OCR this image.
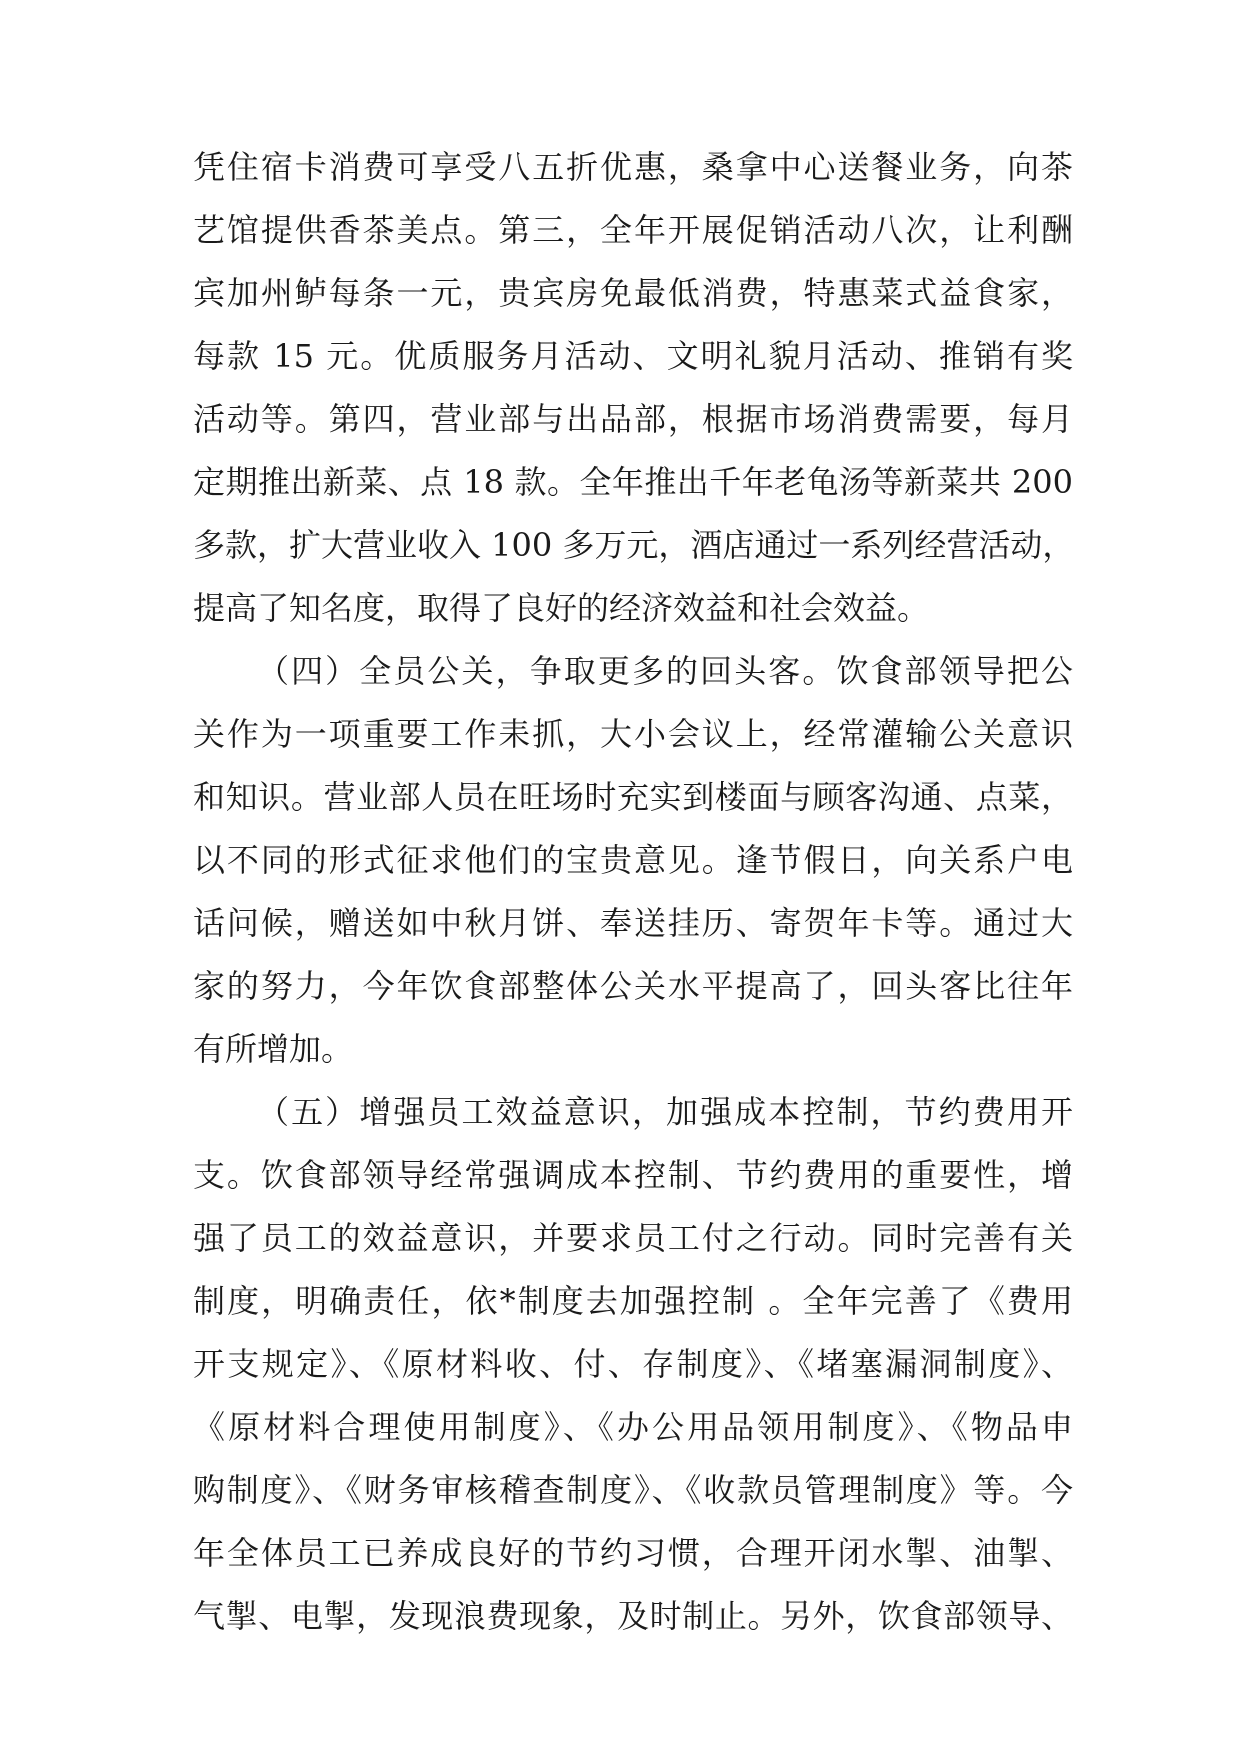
凭住宿卡消费可享受八五折优惠，桑拿中心送餐业务，向茶
艺馆提供香茶美点。第三，全年开展促销活动八次，让利酬
宾加州鲈每条一元，贵宾房免最低消费，特惠菜式益食家，
每款 15 元。优质服务月活动、文明礼貌月活动、推销有奖
活动等。第四，营业部与出品部，根据市场消费需要，每月
定期推出新菜、点 18 款。全年推出千年老龟汤等新菜共 200
多款，扩大营业收入 100 多万元，酒店通过一系列经营活动，
提高了知名度，取得了良好的经济效益和社会效益。
（四）全员公关，争取更多的回头客。饮食部领导把公
关作为一项重要工作耒抓，大小会议上，经常灌输公关意识
和知识。营业部人员在旺场时充实到楼面与顾客沟通、点菜，
以不同的形式征求他们的宝贵意见。逢节假日，向关系户电
话问候，赠送如中秋月饼、奉送挂历、寄贺年卡等。通过大
家的努力，今年饮食部整体公关水平提高了，回头客比往年
有所增加。
（五）增强员工效益意识，加强成本控制，节约费用开
支。饮食部领导经常强调成本控制、节约费用的重要性，增
强了员工的效益意识，并要求员工付之行动。同时完善有关
制度，明确责任，依*制度去加强控制 。全年完善了《费用
开支规定》、《原材料收、付、存制度》、《堵塞漏洞制度》、
《原材料合理使用制度》、《办公用品领用制度》、《物品申
购制度》、《财务审核稽查制度》、《收款员管理制度》等。今
年全体员工已养成良好的节约习惯，合理开闭水掣、油掣、
气掣、电掣，发现浪费现象，及时制止。另外，饮食部领导、
